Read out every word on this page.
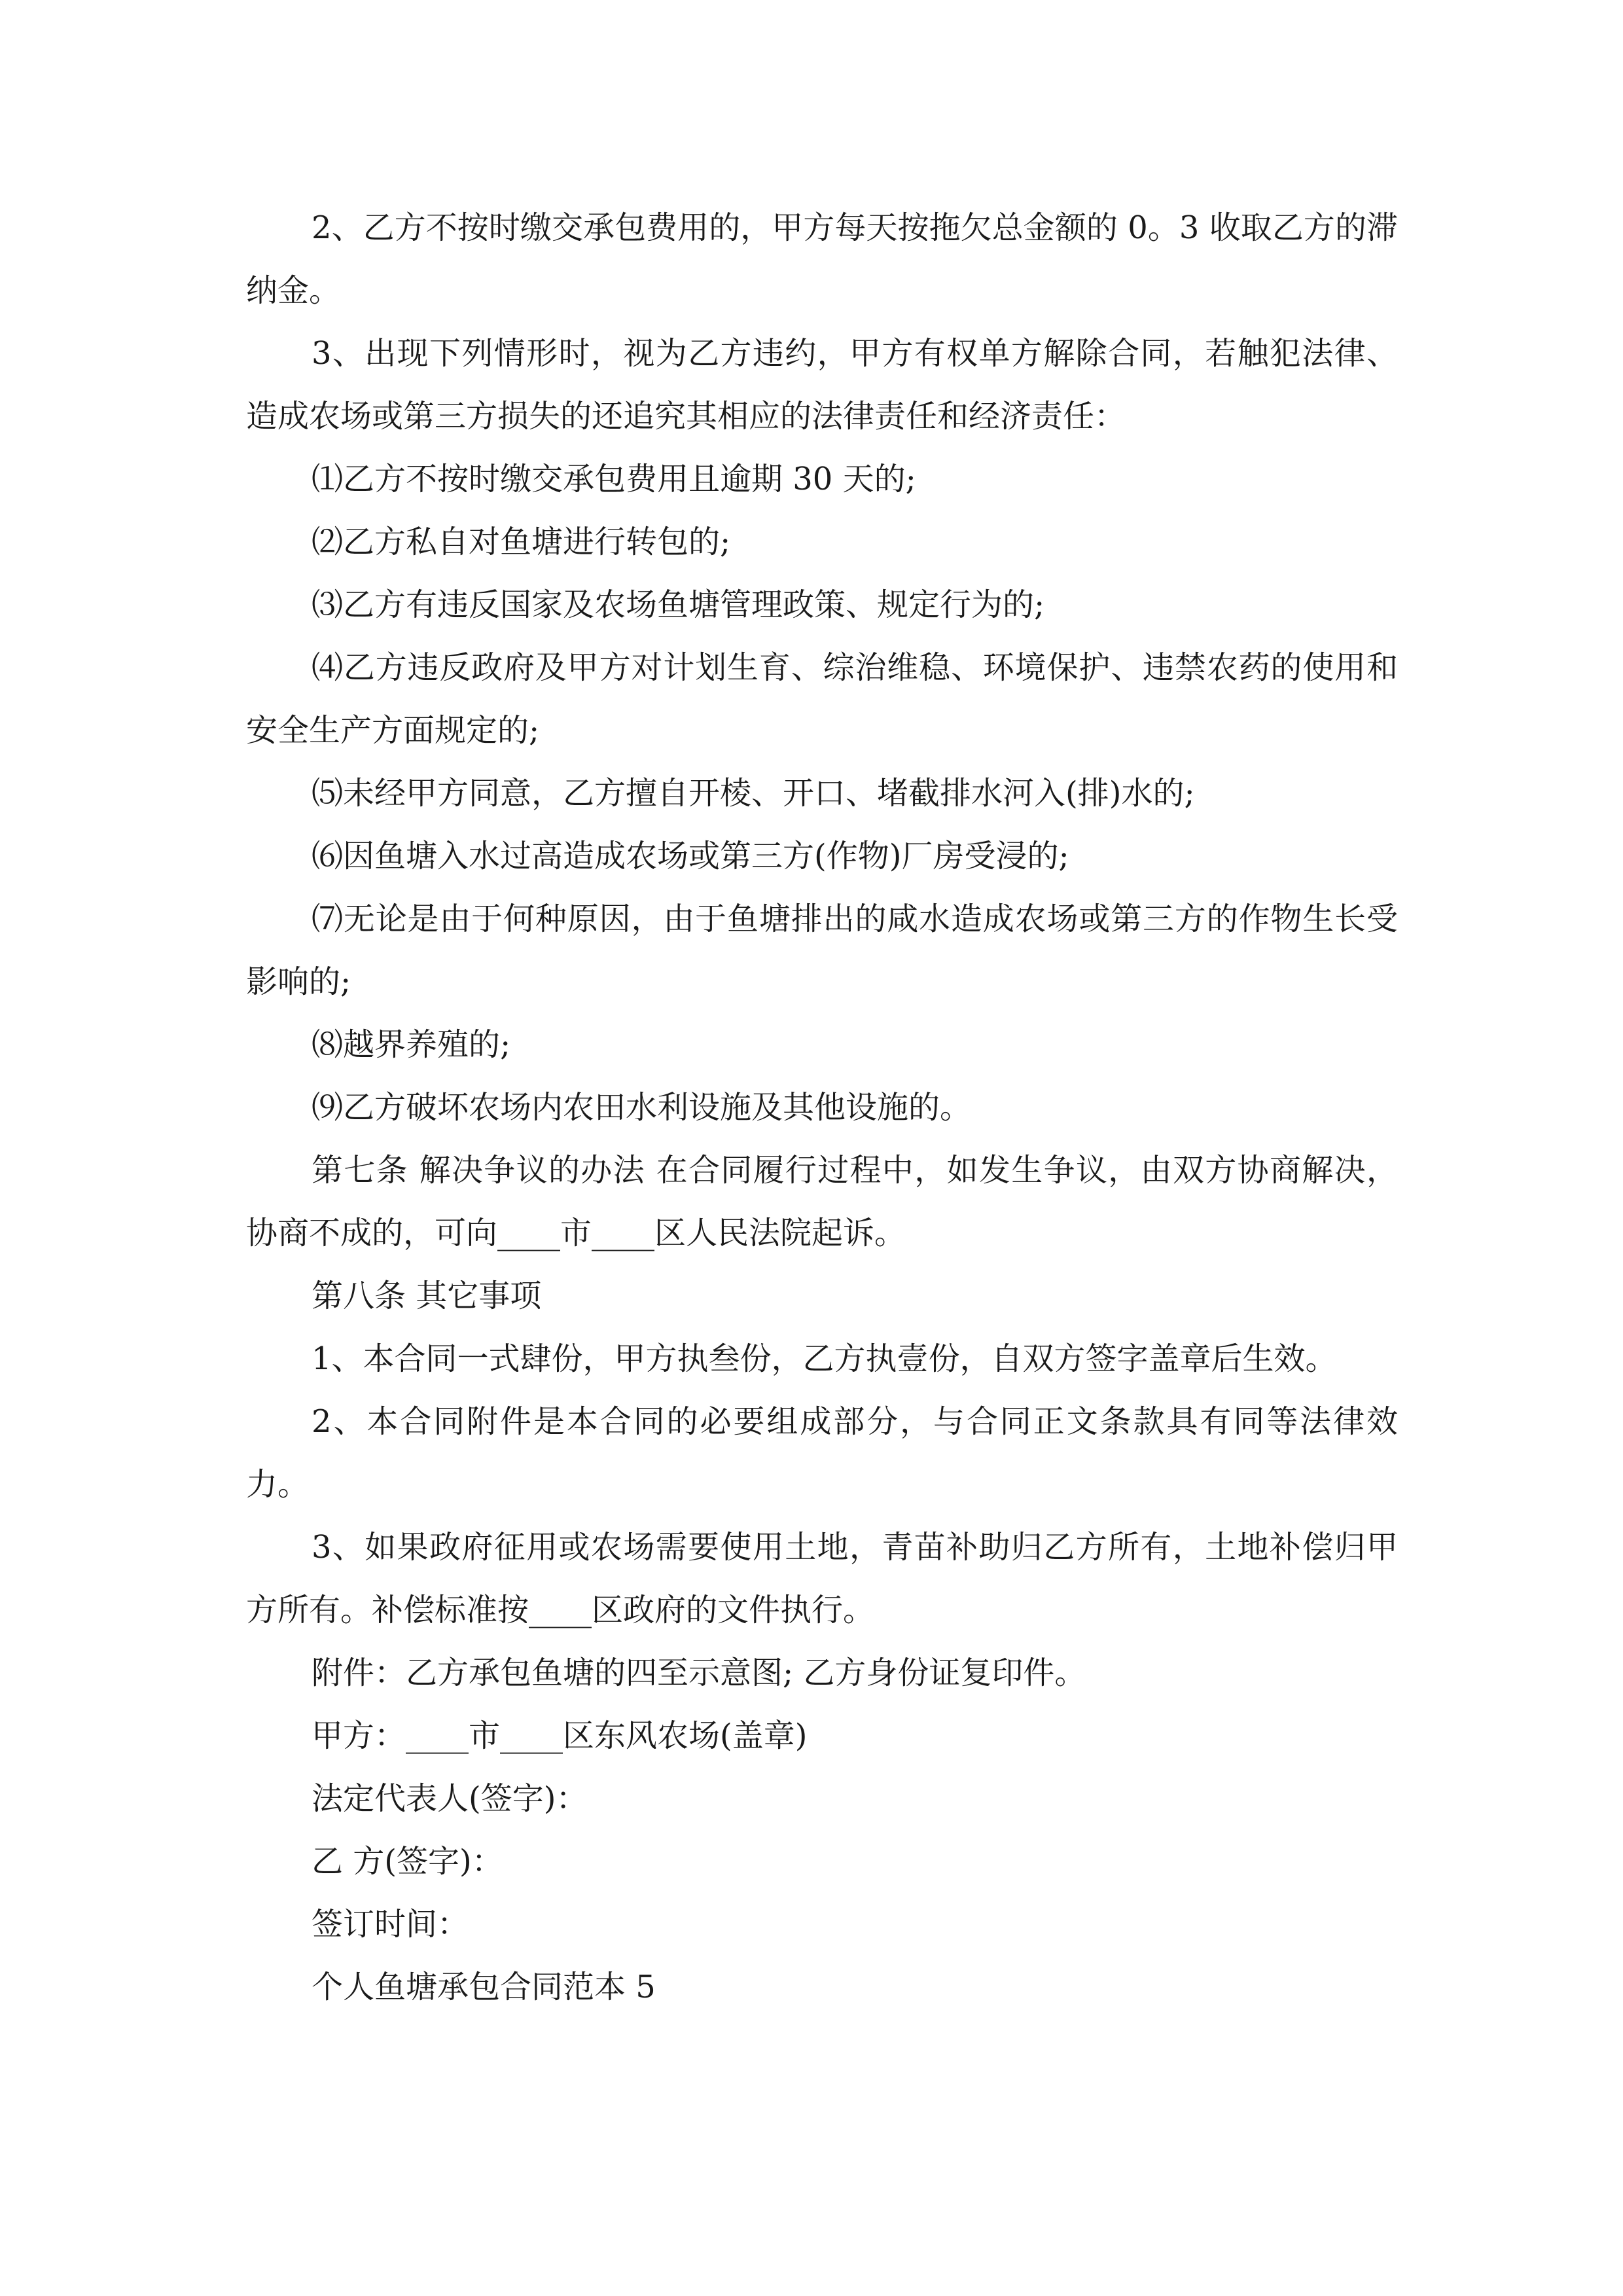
2、乙方不按时缴交承包费用的，甲方每天按拖欠总金额的 0。3 收取乙方的滞纳金。

3、出现下列情形时，视为乙方违约，甲方有权单方解除合同，若触犯法律、造成农场或第三方损失的还追究其相应的法律责任和经济责任：

⑴乙方不按时缴交承包费用且逾期 30 天的;

⑵乙方私自对鱼塘进行转包的;

⑶乙方有违反国家及农场鱼塘管理政策、规定行为的;

⑷乙方违反政府及甲方对计划生育、综治维稳、环境保护、违禁农药的使用和安全生产方面规定的;

⑸未经甲方同意，乙方擅自开棱、开口、堵截排水河入(排)水的;

⑹因鱼塘入水过高造成农场或第三方(作物)厂房受浸的;

⑺无论是由于何种原因，由于鱼塘排出的咸水造成农场或第三方的作物生长受影响的;

⑻越界养殖的;

⑼乙方破坏农场内农田水利设施及其他设施的。

第七条 解决争议的办法 在合同履行过程中，如发生争议，由双方协商解决，协商不成的，可向____市____区人民法院起诉。

第八条 其它事项

1、本合同一式肆份，甲方执叁份，乙方执壹份，自双方签字盖章后生效。

2、本合同附件是本合同的必要组成部分，与合同正文条款具有同等法律效力。

3、如果政府征用或农场需要使用土地，青苗补助归乙方所有，土地补偿归甲方所有。补偿标准按____区政府的文件执行。

附件：乙方承包鱼塘的四至示意图; 乙方身份证复印件。

甲方：____市____区东风农场(盖章)

法定代表人(签字)：

乙 方(签字)：

签订时间：

个人鱼塘承包合同范本 5
